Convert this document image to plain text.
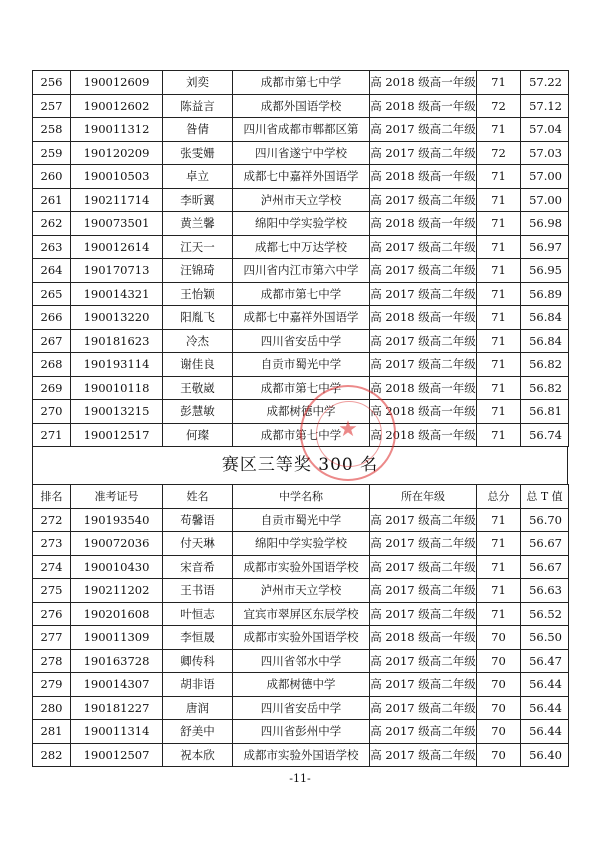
256	190012609	刘奕	成都市第七中学	高 2018 级高一年级	71	57.22
257	190012602	陈益言	成都外国语学校	高 2018 级高一年级	72	57.12
258	190011312	昝倩	四川省成都市郫都区第	高 2017 级高二年级	71	57.04
259	190120209	张雯姗	四川省遂宁中学校	高 2017 级高二年级	72	57.03
260	190010503	卓立	成都七中嘉祥外国语学	高 2018 级高一年级	71	57.00
261	190211714	李昕翼	泸州市天立学校	高 2017 级高二年级	71	57.00
262	190073501	黄兰馨	绵阳中学实验学校	高 2018 级高一年级	71	56.98
263	190012614	江天一	成都七中万达学校	高 2017 级高二年级	71	56.97
264	190170713	汪锦琦	四川省内江市第六中学	高 2017 级高二年级	71	56.95
265	190014321	王怡颖	成都市第七中学	高 2017 级高二年级	71	56.89
266	190013220	阳胤飞	成都七中嘉祥外国语学	高 2018 级高一年级	71	56.84
267	190181623	冷杰	四川省安岳中学	高 2017 级高二年级	71	56.84
268	190193114	谢佳良	自贡市蜀光中学	高 2017 级高二年级	71	56.82
269	190010118	王敬崴	成都市第七中学	高 2018 级高一年级	71	56.82
270	190013215	彭慧敏	成都树德中学	高 2018 级高一年级	71	56.81
271	190012517	何璨	成都市第七中学	高 2018 级高一年级	71	56.74
赛区三等奖 300 名
排名	准考证号	姓名	中学名称	所在年级	总分	总 T 值
272	190193540	苟馨语	自贡市蜀光中学	高 2017 级高二年级	71	56.70
273	190072036	付天琳	绵阳中学实验学校	高 2017 级高二年级	71	56.67
274	190010430	宋音希	成都市实验外国语学校	高 2017 级高二年级	71	56.67
275	190211202	王书语	泸州市天立学校	高 2017 级高二年级	71	56.63
276	190201608	叶恒志	宜宾市翠屏区东辰学校	高 2017 级高二年级	71	56.52
277	190011309	李恒晟	成都市实验外国语学校	高 2018 级高一年级	70	56.50
278	190163728	卿传科	四川省邻水中学	高 2017 级高二年级	70	56.47
279	190014307	胡非语	成都树德中学	高 2017 级高二年级	70	56.44
280	190181227	唐润	四川省安岳中学	高 2017 级高二年级	70	56.44
281	190011314	舒美中	四川省彭州中学	高 2017 级高二年级	70	56.44
282	190012507	祝本欣	成都市实验外国语学校	高 2017 级高二年级	70	56.40
★
-11-
